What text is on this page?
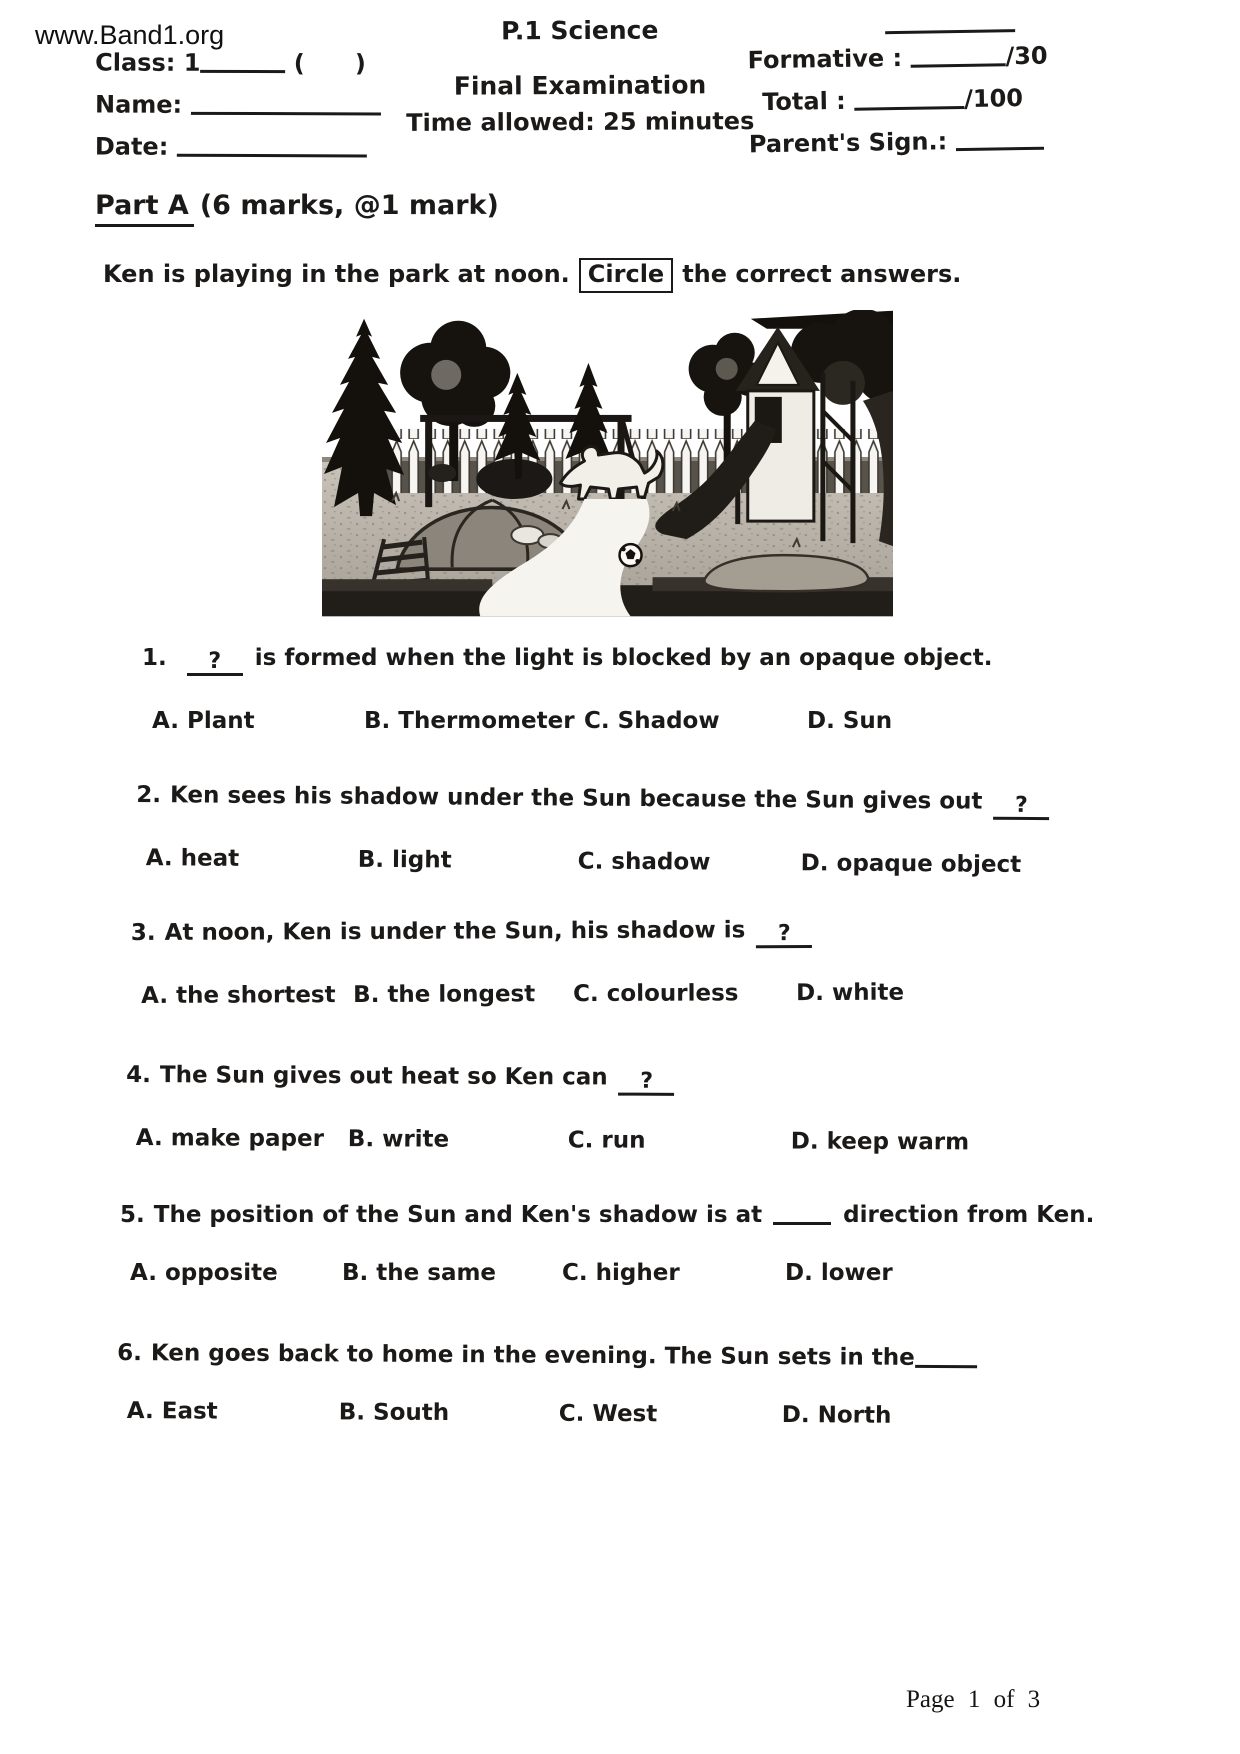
www.Band1.org
Class: 1	(      )
Name:
Date:
P.1 Science
Final Examination
Time allowed: 25 minutes
Formative :	/30
Total :	/100
Parent's Sign.:
Part A (6 marks, @1 mark)
Ken is playing in the park at noon. Circle the correct answers.
1. ? is formed when the light is blocked by an opaque object.
A. Plant	B. Thermometer C. Shadow	D. Sun
2. Ken sees his shadow under the Sun because the Sun gives out ?
A. heat	B. light	C. shadow	D. opaque object
3. At noon, Ken is under the Sun, his shadow is ?
A. the shortest B. the longest	C. colourless	D. white
4. The Sun gives out heat so Ken can ?
A. make paper	B. write	C. run	D. keep warm
5. The position of the Sun and Ken's shadow is at	direction from Ken.
A. opposite	B. the same	C. higher	D. lower
6. Ken goes back to home in the evening. The Sun sets in the
A. East	B. South	C. West	D. North
Page 1 of 3
